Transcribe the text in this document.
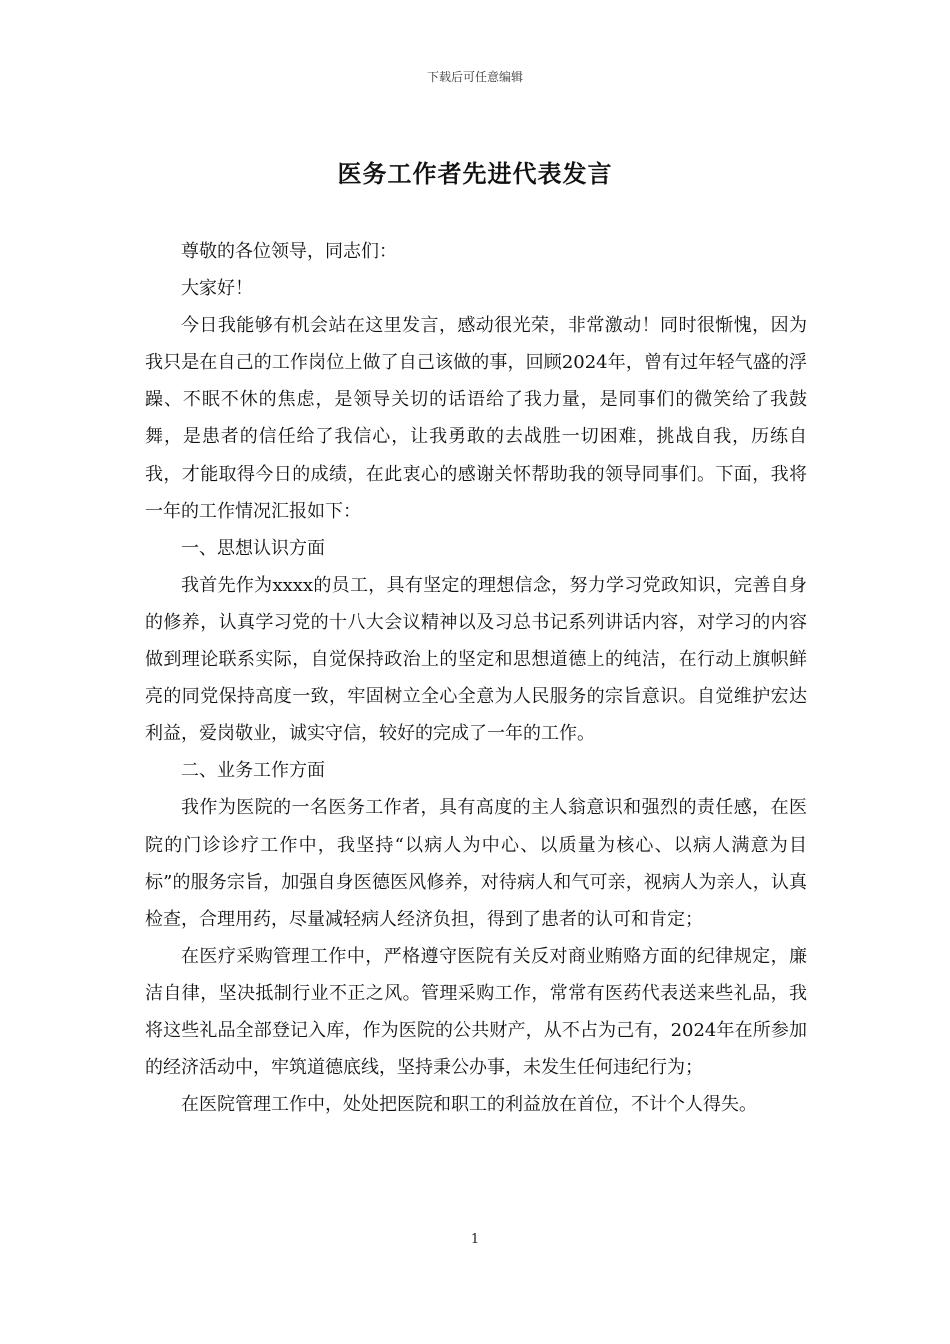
下载后可任意编辑
医务工作者先进代表发言

尊敬的各位领导，同志们：

大家好！

今日我能够有机会站在这里发言，感动很光荣，非常激动！同时很惭愧，因为我只是在自己的工作岗位上做了自己该做的事，回顾2024年，曾有过年轻气盛的浮躁、不眠不休的焦虑，是领导关切的话语给了我力量，是同事们的微笑给了我鼓舞，是患者的信任给了我信心，让我勇敢的去战胜一切困难，挑战自我，历练自我，才能取得今日的成绩，在此衷心的感谢关怀帮助我的领导同事们。下面，我将一年的工作情况汇报如下：

一、思想认识方面

我首先作为xxxx的员工，具有坚定的理想信念，努力学习党政知识，完善自身的修养，认真学习党的十八大会议精神以及习总书记系列讲话内容，对学习的内容做到理论联系实际，自觉保持政治上的坚定和思想道德上的纯洁，在行动上旗帜鲜亮的同党保持高度一致，牢固树立全心全意为人民服务的宗旨意识。自觉维护宏达利益，爱岗敬业，诚实守信，较好的完成了一年的工作。

二、业务工作方面

我作为医院的一名医务工作者，具有高度的主人翁意识和强烈的责任感，在医院的门诊诊疗工作中，我坚持“以病人为中心、以质量为核心、以病人满意为目标”的服务宗旨，加强自身医德医风修养，对待病人和气可亲，视病人为亲人，认真检查，合理用药，尽量减轻病人经济负担，得到了患者的认可和肯定；

在医疗采购管理工作中，严格遵守医院有关反对商业贿赂方面的纪律规定，廉洁自律，坚决抵制行业不正之风。管理采购工作，常常有医药代表送来些礼品，我将这些礼品全部登记入库，作为医院的公共财产，从不占为己有，2024年在所参加的经济活动中，牢筑道德底线，坚持秉公办事，未发生任何违纪行为；

在医院管理工作中，处处把医院和职工的利益放在首位，不计个人得失。

1
